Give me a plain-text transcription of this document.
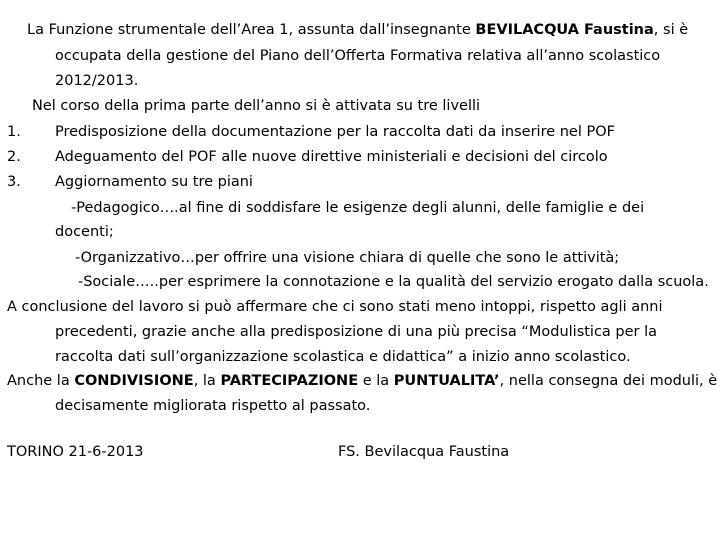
La Funzione strumentale dell’Area 1, assunta dall’insegnante BEVILACQUA Faustina, si è
occupata della gestione del Piano dell’Offerta Formativa relativa all’anno scolastico
2012/2013.
Nel corso della prima parte dell’anno si è attivata su tre livelli
1. Predisposizione della documentazione per la raccolta dati da inserire nel POF
2. Adeguamento del POF alle nuove direttive ministeriali e decisioni del circolo
3. Aggiornamento su tre piani
-Pedagogico….al fine di soddisfare le esigenze degli alunni, delle famiglie e dei
docenti;
-Organizzativo…per offrire una visione chiara di quelle che sono le attività;
-Sociale…..per esprimere la connotazione e la qualità del servizio erogato dalla scuola.
A conclusione del lavoro si può affermare che ci sono stati meno intoppi, rispetto agli anni
precedenti, grazie anche alla predisposizione di una più precisa “Modulistica per la
raccolta dati sull’organizzazione scolastica e didattica” a inizio anno scolastico.
Anche la CONDIVISIONE, la PARTECIPAZIONE e la PUNTUALITA’, nella consegna dei moduli, è
decisamente migliorata rispetto al passato.
TORINO 21-6-2013	FS. Bevilacqua Faustina
